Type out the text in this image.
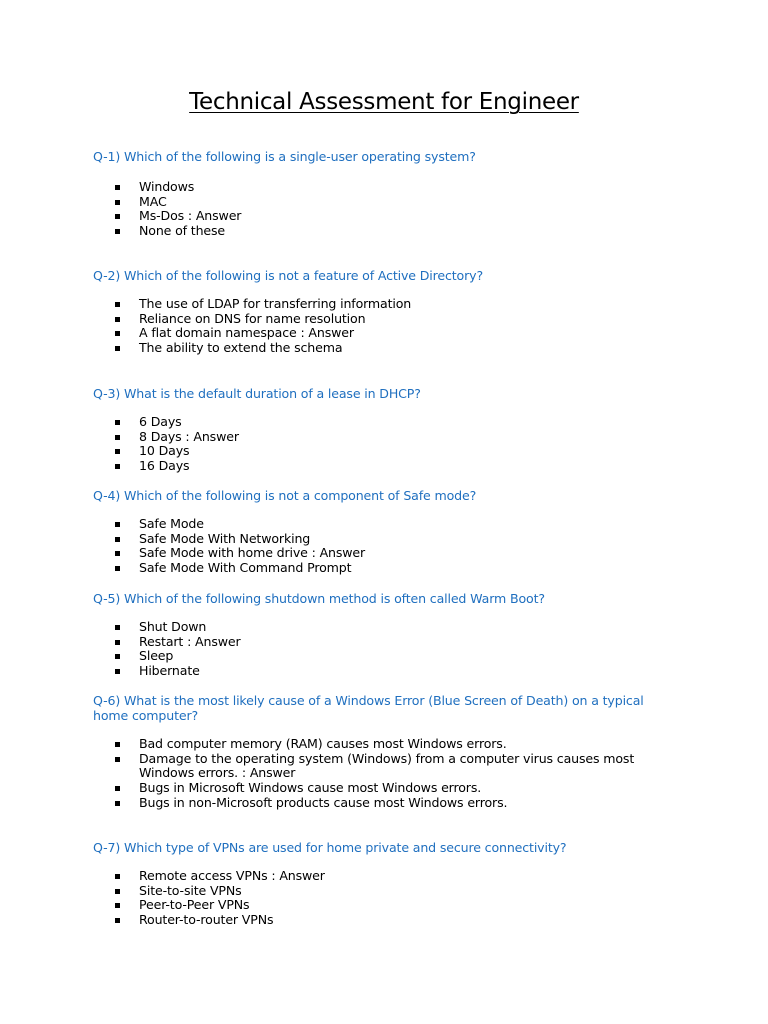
Technical Assessment for Engineer
Q-1) Which of the following is a single-user operating system?
Windows
MAC
Ms-Dos : Answer
None of these
Q-2) Which of the following is not a feature of Active Directory?
The use of LDAP for transferring information
Reliance on DNS for name resolution
A flat domain namespace : Answer
The ability to extend the schema
Q-3) What is the default duration of a lease in DHCP?
6 Days
8 Days : Answer
10 Days
16 Days
Q-4) Which of the following is not a component of Safe mode?
Safe Mode
Safe Mode With Networking
Safe Mode with home drive : Answer
Safe Mode With Command Prompt
Q-5) Which of the following shutdown method is often called Warm Boot?
Shut Down
Restart : Answer
Sleep
Hibernate
Q-6) What is the most likely cause of a Windows Error (Blue Screen of Death) on a typical home computer?
Bad computer memory (RAM) causes most Windows errors.
Damage to the operating system (Windows) from a computer virus causes most Windows errors. : Answer
Bugs in Microsoft Windows cause most Windows errors.
Bugs in non-Microsoft products cause most Windows errors.
Q-7) Which type of VPNs are used for home private and secure connectivity?
Remote access VPNs : Answer
Site-to-site VPNs
Peer-to-Peer VPNs
Router-to-router VPNs
